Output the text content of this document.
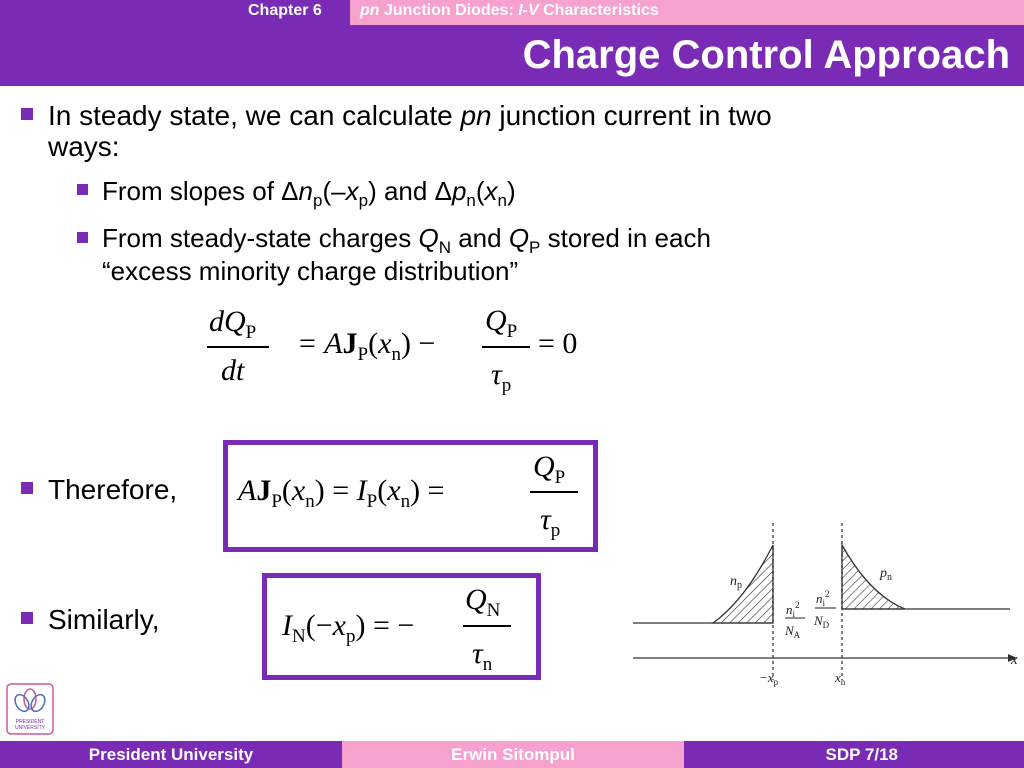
Chapter 6 pn Junction Diodes: I-V Characteristics
Charge Control Approach
In steady state, we can calculate pn junction current in two
ways:
From slopes of $\Delta n_p(-x_p)$ and $\Delta p_n(x_n)$
From steady-state charges $Q_N$ and $Q_P$ stored in each
“excess minority charge distribution”
$dQ_P$
dt
= $AJ_P(x_n)$ −
$Q_P$
$\tau_p$
= 0
Therefore, $AJ_P(x_n) = I_P(x_n)$ =
$Q_P$
$\tau_p$
Similarly,	$I_N(-x_p)$ = −
$Q_N$
$\tau_n$
$n_p$
$p_n$
$n_i^2$
$N_A$
$n_i^2$
$N_D$
x
$-x_p$	$x_n$
PRESIDENT
UNIVERSITY
President University	Erwin Sitompul	SDP 7/18
